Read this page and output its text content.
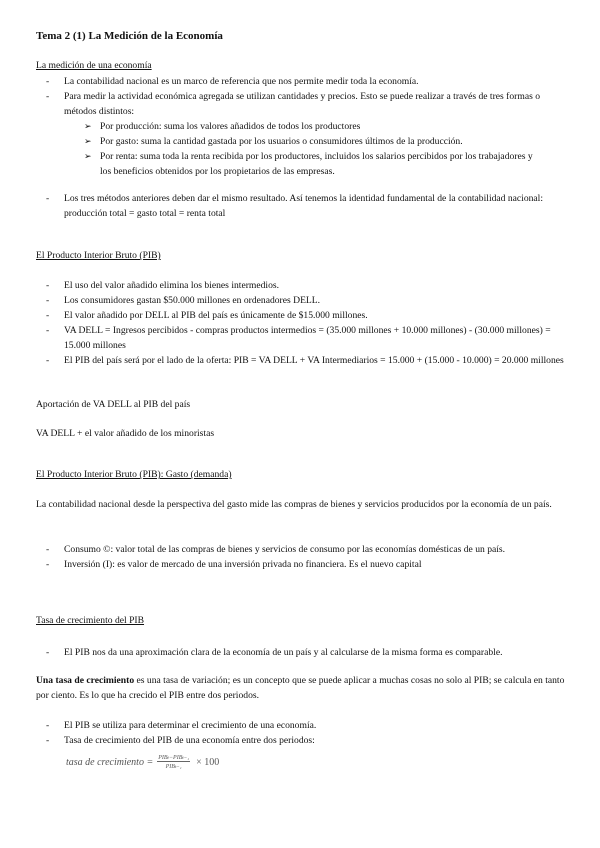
Tema 2 (1) La Medición de la Economía
La medición de una economía
- La contabilidad nacional es un marco de referencia que nos permite medir toda la economía.
- Para medir la actividad económica agregada se utilizan cantidades y precios. Esto se puede realizar a través de tres formas o métodos distintos:
➢ Por producción: suma los valores añadidos de todos los productores
➢ Por gasto: suma la cantidad gastada por los usuarios o consumidores últimos de la producción.
➢ Por renta: suma toda la renta recibida por los productores, incluidos los salarios percibidos por los trabajadores y los beneficios obtenidos por los propietarios de las empresas.
- Los tres métodos anteriores deben dar el mismo resultado. Así tenemos la identidad fundamental de la contabilidad nacional: producción total = gasto total = renta total
El Producto Interior Bruto (PIB)
- El uso del valor añadido elimina los bienes intermedios.
- Los consumidores gastan $50.000 millones en ordenadores DELL.
- El valor añadido por DELL al PIB del país es únicamente de $15.000 millones.
- VA DELL = Ingresos percibidos - compras productos intermedios = (35.000 millones + 10.000 millones) - (30.000 millones) = 15.000 millones
- El PIB del país será por el lado de la oferta: PIB = VA DELL + VA Intermediarios = 15.000 + (15.000 - 10.000) = 20.000 millones
Aportación de VA DELL al PIB del país
VA DELL + el valor añadido de los minoristas
El Producto Interior Bruto (PIB): Gasto (demanda)
La contabilidad nacional desde la perspectiva del gasto mide las compras de bienes y servicios producidos por la economía de un país.
- Consumo ©: valor total de las compras de bienes y servicios de consumo por las economías domésticas de un país.
- Inversión (I): es valor de mercado de una inversión privada no financiera. Es el nuevo capital
Tasa de crecimiento del PIB
- El PIB nos da una aproximación clara de la economía de un país y al calcularse de la misma forma es comparable.
Una tasa de crecimiento es una tasa de variación; es un concepto que se puede aplicar a muchas cosas no solo al PIB; se calcula en tanto por ciento. Es lo que ha crecido el PIB entre dos periodos.
- El PIB se utiliza para determinar el crecimiento de una economía.
- Tasa de crecimiento del PIB de una economía entre dos periodos:
tasa de crecimiento = $\frac{\text{PIBₜ−PIBₜ₋₁}}{\text{PIBₜ₋₁}} \times 100$
